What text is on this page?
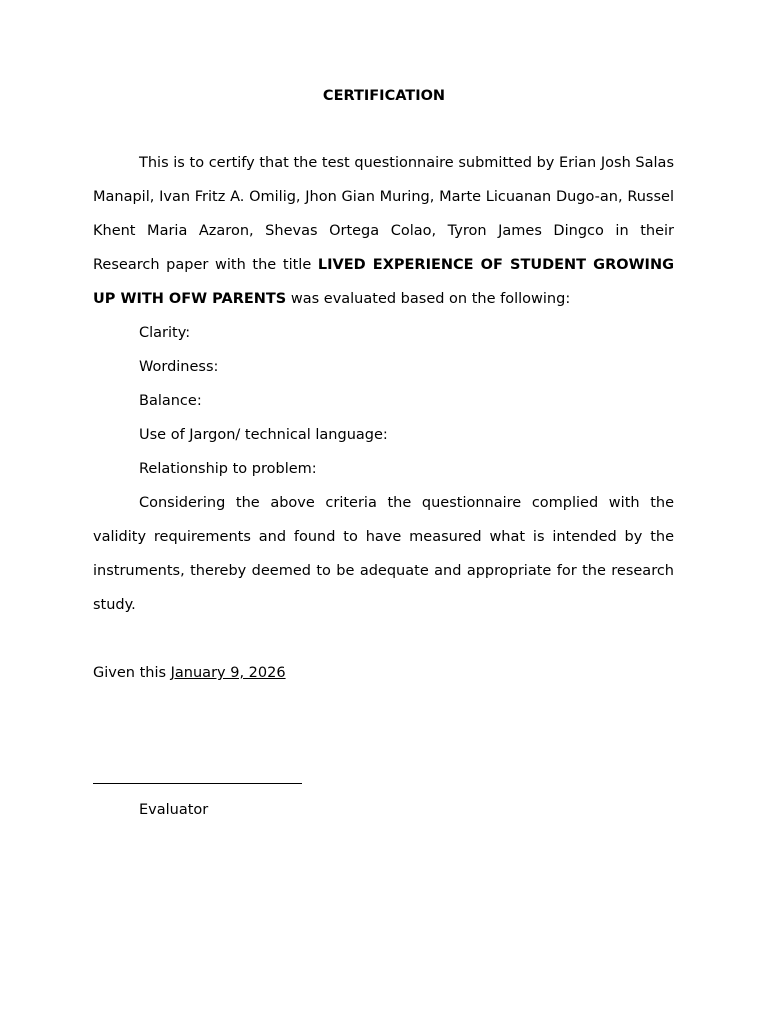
CERTIFICATION

This is to certify that the test questionnaire submitted by Erian Josh Salas Manapil, Ivan Fritz A. Omilig, Jhon Gian Muring, Marte Licuanan Dugo-an, Russel Khent Maria Azaron, Shevas Ortega Colao, Tyron James Dingco in their Research paper with the title LIVED EXPERIENCE OF STUDENT GROWING UP WITH OFW PARENTS was evaluated based on the following:

Clarity:
Wordiness:
Balance:
Use of Jargon/ technical language:
Relationship to problem:

Considering the above criteria the questionnaire complied with the validity requirements and found to have measured what is intended by the instruments, thereby deemed to be adequate and appropriate for the research study.

Given this January 9, 2026
Evaluator
